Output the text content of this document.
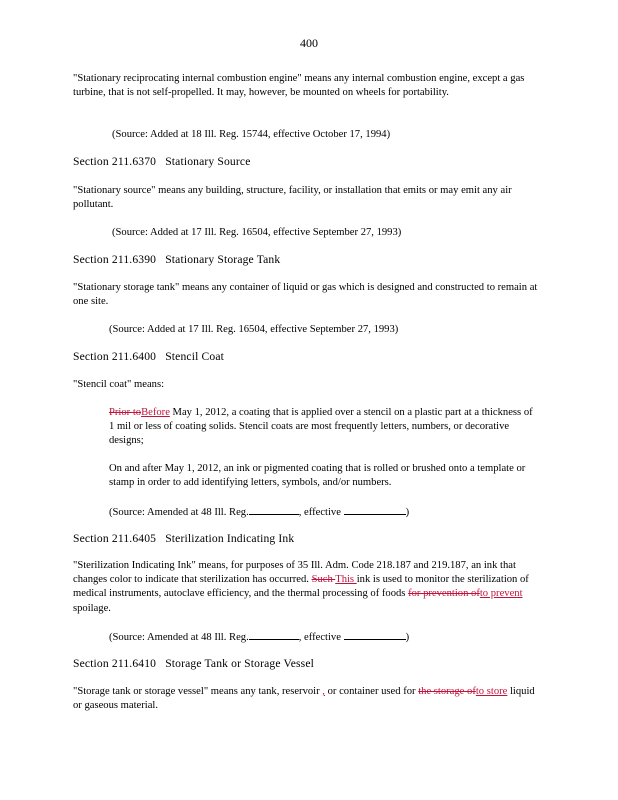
400
"Stationary reciprocating internal combustion engine" means any internal combustion engine, except a gas turbine, that is not self-propelled. It may, however, be mounted on wheels for portability.
(Source: Added at 18 Ill. Reg. 15744, effective October 17, 1994)
Section 211.6370 Stationary Source
"Stationary source" means any building, structure, facility, or installation that emits or may emit any air pollutant.
(Source: Added at 17 Ill. Reg. 16504, effective September 27, 1993)
Section 211.6390 Stationary Storage Tank
"Stationary storage tank" means any container of liquid or gas which is designed and constructed to remain at one site.
(Source: Added at 17 Ill. Reg. 16504, effective September 27, 1993)
Section 211.6400 Stencil Coat
"Stencil coat" means:
Prior toBefore May 1, 2012, a coating that is applied over a stencil on a plastic part at a thickness of 1 mil or less of coating solids. Stencil coats are most frequently letters, numbers, or decorative designs;
On and after May 1, 2012, an ink or pigmented coating that is rolled or brushed onto a template or stamp in order to add identifying letters, symbols, and/or numbers.
(Source: Amended at 48 Ill. Reg.	, effective	)
Section 211.6405 Sterilization Indicating Ink
"Sterilization Indicating Ink" means, for purposes of 35 Ill. Adm. Code 218.187 and 219.187, an ink that changes color to indicate that sterilization has occurred. Such This ink is used to monitor the sterilization of medical instruments, autoclave efficiency, and the thermal processing of foods for prevention ofto prevent spoilage.
(Source: Amended at 48 Ill. Reg.	, effective	)
Section 211.6410 Storage Tank or Storage Vessel
"Storage tank or storage vessel" means any tank, reservoir , or container used for the storage ofto store liquid or gaseous material.
